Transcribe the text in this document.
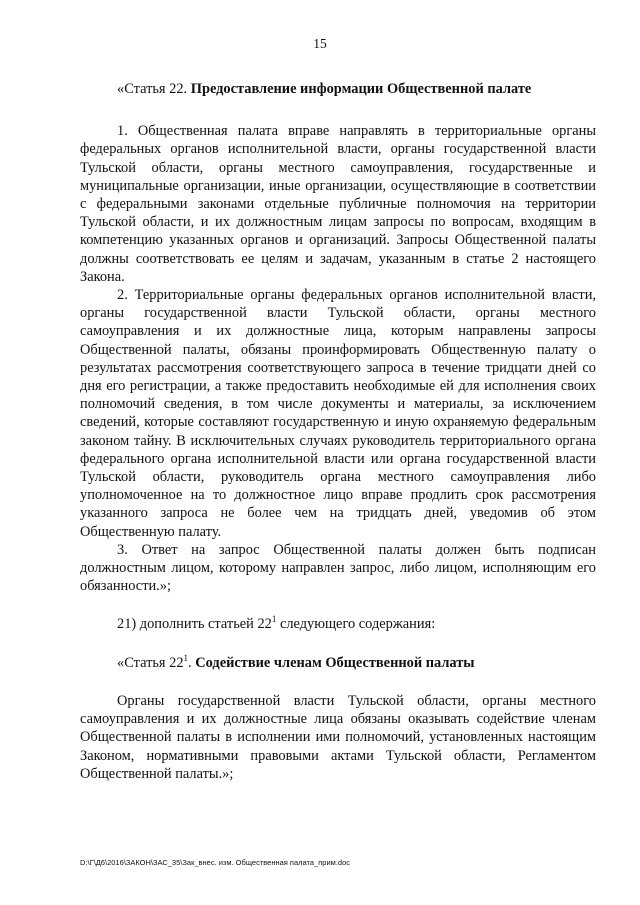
15

«Статья 22. Предоставление информации Общественной палате

1. Общественная палата вправе направлять в территориальные органы федеральных органов исполнительной власти, органы государственной власти Тульской области, органы местного самоуправления, государственные и муниципальные организации, иные организации, осуществляющие в соответствии с федеральными законами отдельные публичные полномочия на территории Тульской области, и их должностным лицам запросы по вопросам, входящим в компетенцию указанных органов и организаций. Запросы Общественной палаты должны соответствовать ее целям и задачам, указанным в статье 2 настоящего Закона.

2. Территориальные органы федеральных органов исполнительной власти, органы государственной власти Тульской области, органы местного самоуправления и их должностные лица, которым направлены запросы Общественной палаты, обязаны проинформировать Общественную палату о результатах рассмотрения соответствующего запроса в течение тридцати дней со дня его регистрации, а также предоставить необходимые ей для исполнения своих полномочий сведения, в том числе документы и материалы, за исключением сведений, которые составляют государственную и иную охраняемую федеральным законом тайну. В исключительных случаях руководитель территориального органа федерального органа исполнительной власти или органа государственной власти Тульской области, руководитель органа местного самоуправления либо уполномоченное на то должностное лицо вправе продлить срок рассмотрения указанного запроса не более чем на тридцать дней, уведомив об этом Общественную палату.

3. Ответ на запрос Общественной палаты должен быть подписан должностным лицом, которому направлен запрос, либо лицом, исполняющим его обязанности.»;

21) дополнить статьей $22^1$ следующего содержания:

«Статья $22^1$. Содействие членам Общественной палаты

Органы государственной власти Тульской области, органы местного самоуправления и их должностные лица обязаны оказывать содействие членам Общественной палаты в исполнении ими полномочий, установленных настоящим Законом, нормативными правовыми актами Тульской области, Регламентом Общественной палаты.»;

D:\Г\Д6\2016\ЗАКОН\ЗАС_35\Зак_внес. изм. Общественная палата_прим.doc
